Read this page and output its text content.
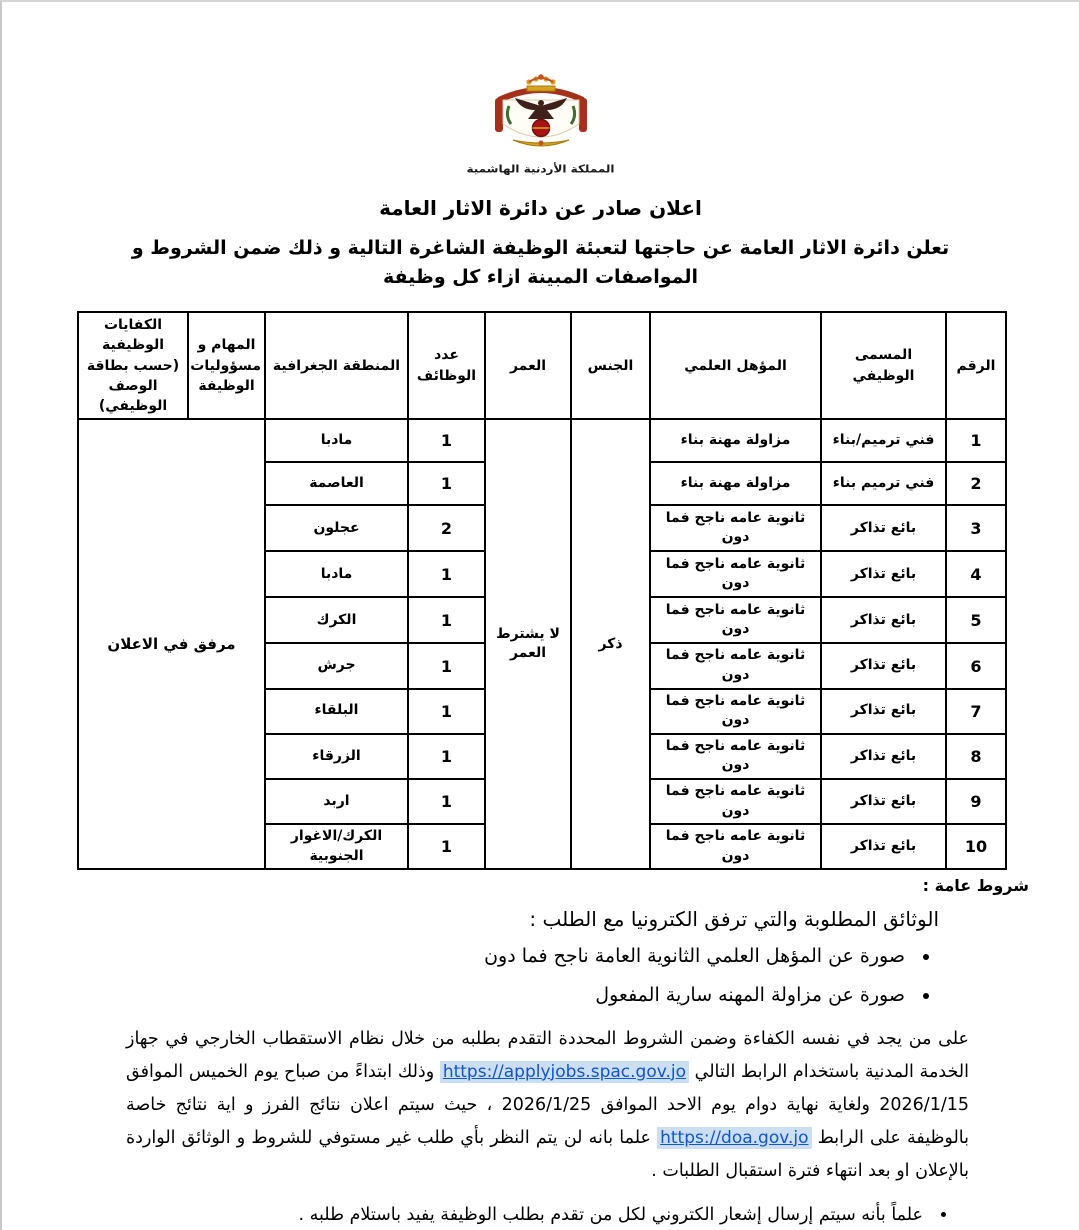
المملكة الأردنية الهاشمية
اعلان صادر عن دائرة الاثار العامة
تعلن دائرة الاثار العامة عن حاجتها لتعبئة الوظيفة الشاغرة التالية و ذلك ضمن الشروط و المواصفات المبينة ازاء كل وظيفة
الرقم	المسمى الوظيفي	المؤهل العلمي	الجنس	العمر	عدد الوظائف	المنطقة الجغرافية	المهام و مسؤوليات الوظيفة	الكفايات الوظيفية (حسب بطاقة الوصف الوظيفي)
1	فني ترميم/بناء	مزاولة مهنة بناء	ذكر	لا يشترط العمر	1	مادبا	مرفق في الاعلان	
2	فني ترميم بناء	مزاولة مهنة بناء			1	العاصمة		
3	بائع تذاكر	ثانوية عامه ناجح فما دون			2	عجلون		
4	بائع تذاكر	ثانوية عامه ناجح فما دون			1	مادبا		
5	بائع تذاكر	ثانوية عامه ناجح فما دون			1	الكرك		
6	بائع تذاكر	ثانوية عامه ناجح فما دون			1	جرش		
7	بائع تذاكر	ثانوية عامه ناجح فما دون			1	البلقاء		
8	بائع تذاكر	ثانوية عامه ناجح فما دون			1	الزرقاء		
9	بائع تذاكر	ثانوية عامه ناجح فما دون			1	اربد		
10	بائع تذاكر	ثانوية عامه ناجح فما دون			1	الكرك/الاغوار الجنوبية		
شروط عامة :
الوثائق المطلوبة والتي ترفق الكترونيا مع الطلب :
• صورة عن المؤهل العلمي الثانوية العامة ناجح فما دون
• صورة عن مزاولة المهنه سارية المفعول

على من يجد في نفسه الكفاءة وضمن الشروط المحددة التقدم بطلبه من خلال نظام الاستقطاب الخارجي في جهاز الخدمة المدنية باستخدام الرابط التالي https://applyjobs.spac.gov.jo وذلك ابتداءً من صباح يوم الخميس الموافق 2026/1/15 ولغاية نهاية دوام يوم الاحد الموافق 2026/1/25 ، حيث سيتم اعلان نتائج الفرز و اية نتائج خاصة بالوظيفة على الرابط https://doa.gov.jo علما بانه لن يتم النظر بأي طلب غير مستوفي للشروط و الوثائق الواردة بالإعلان او بعد انتهاء فترة استقبال الطلبات .

• علماً بأنه سيتم إرسال إشعار الكتروني لكل من تقدم بطلب الوظيفة يفيد باستلام طلبه .
